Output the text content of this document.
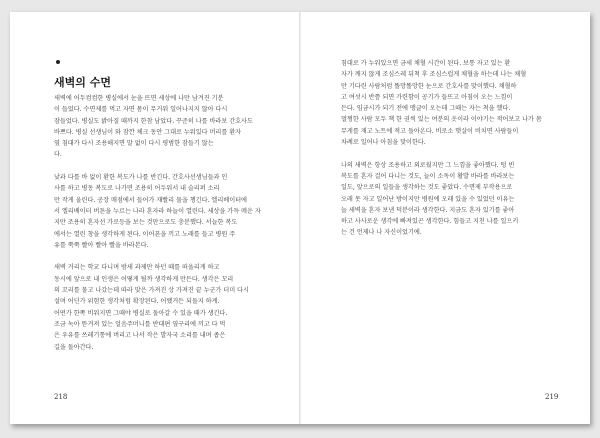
새벽의 수면
새벽에 어두컴컴한 병실에서 눈을 뜨면 세상에 나만 남겨진 기분
이 들었다. 수면제를 먹고 자면 몸이 무거워 일어나지지 않아 다시
잠들었다. 병실도 밝아질 때까지 한참 남았다. 꾸준히 나를 바라보 간호사도
바쁘다. 병실 선생님이 와 잠깐 체크 동안 그대로 누워있다 머리를 환자
옆 침대가 다시 조용해지면 말 없이 다시 평범한 잠들기 않는
다.
낮과 다를 바 없이 환한 복도가 나를 반긴다. 간호사선생님들과 인
사를 하고 병동 복도로 나가면 조용히 어두워서 내 슬리퍼 소리
만 작게 울린다. 공장 매점에서 들어가 재빨리 물을 챙긴다. 엘리베이터에
서 엘리베이터 버튼을 누르는 나라 혼자라 하늘이 열린다. 세상을 가득 메운 자
지만 조용히 혼자선 가로등을 보는 것만으로도 충분했다. 서늘한 복도
에서는 열린 창을 생각하게 된다. 이어폰을 끼고 노래를 들고 병원 주
유를 쭉쭉 빨아 빨아 빨을 바라본다.
새벽 거리는 학교 다니며 밤새 과제만 하던 때를 떠올리게 하고
동시에 앞으로 내 인생은 어떻게 될까 생각하게 만든다. 생각은 꼬리
의 꼬리를 물고 나갔는데 따라 맞은 가져진 상 가져진 끝 누군가 더미 다시
설며 어딘가 위험한 생각처럼 확장된다. 어쨌거든 되돌지 하게.
어떤가 한쪽 비워지면 그때야 병실로 돌아갈 수 있을 때가 생긴다.
조금 녹아 뜯겨져 있는 얼음주머니를 반대편 옆구리에 끼고 다 먹
은 우유를 쓰레기통에 버리고 나서 작은 발자국 소리를 내며 좁은
길을 돌아간다.
218
침대로 가 누워있으면 금세 채혈 시간이 된다. 보통 자고 있는 환
자가 깨지 않게 조심스레 뒤척 후 조심스럽게 채혈을 하는데 나는 채혈
만 기다린 사람처럼 똘망똘망한 눈으로 간호사를 맞이했다. 채혈하
고 여섯시 반쯤 되면 가련함이 공기가 들뜨고 아침이 오는 느낌이
든다. 임금시가 되기 전에 맹글이 오는데 그때는 자는 척을 했다.
멀쩡한 사람 모두 책 한 권씩 있는 여분의 옷이라 이야기는 적어보고 나가 몸
무게를 재고 노트에 적고 돌아온다. 비로소 햇살이 비치면 사람들이
차례로 일어나 아침을 맞이한다.
나의 새벽은 항상 조용하고 외로웠지만 그 느낌을 좋아했다. 텅 빈
복도를 혼자 걸어 다니는 것도, 늘이 소독이 활발 바라를 바라보는
일도, 앞으로의 일들을 생각하는 것도 좋았다. 수면제 부작용으로
오래 못 자고 일어난 방이지만 병원에 오래 있을 수 있었던 이유는
늘 새벽을 혼자 보낸 덕분이라 생각한다. 지금도 혼자 있기를 좋아
하고 사사로운 생각에 빠져있곤 생각한다. 힘들고 지친 나를 일으키
는 건 언제나 나 자신이었기에.
219
